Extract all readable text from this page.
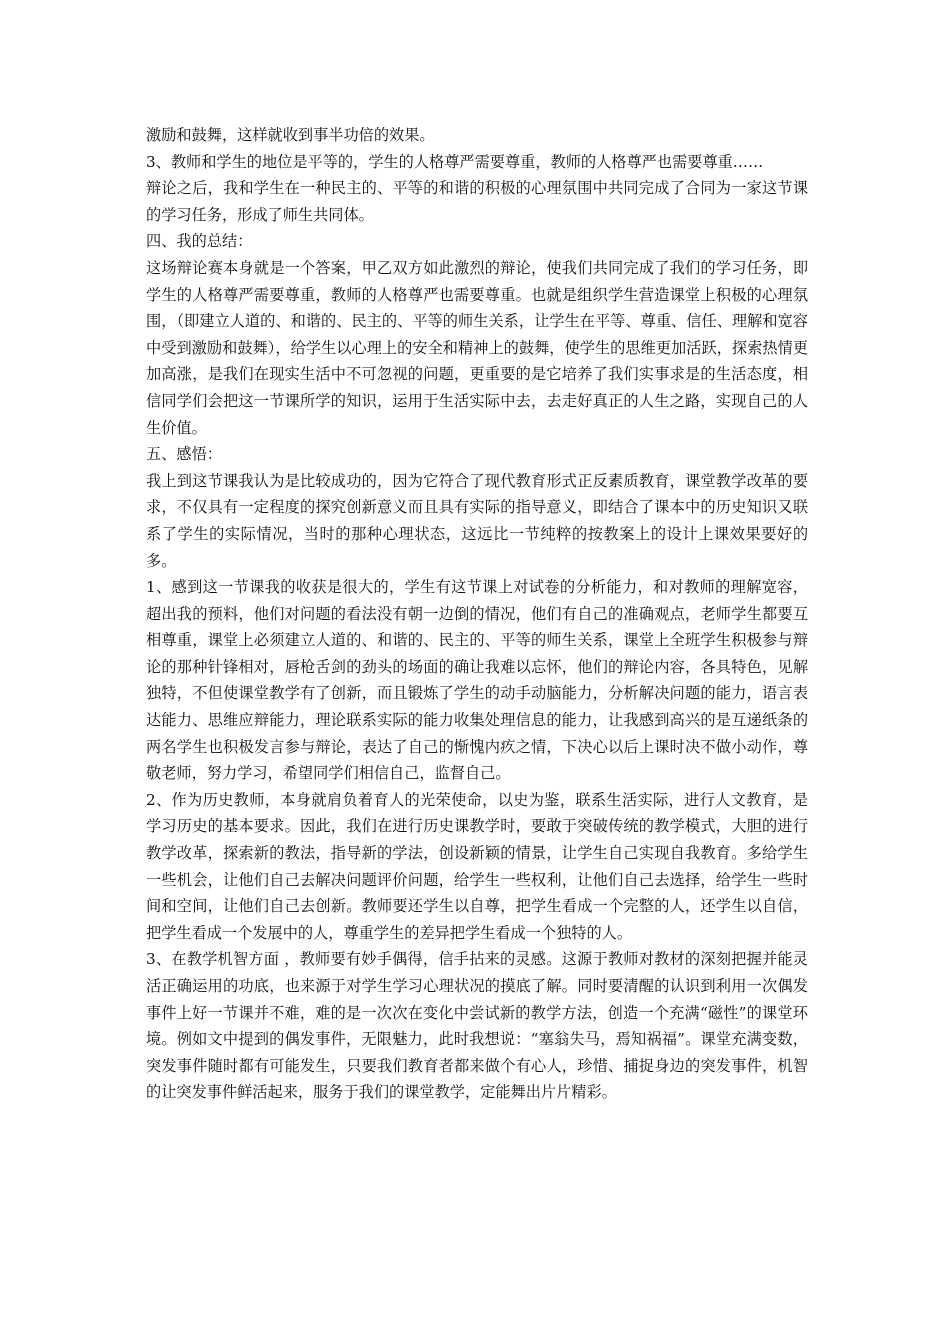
激励和鼓舞，这样就收到事半功倍的效果。

3、教师和学生的地位是平等的，学生的人格尊严需要尊重，教师的人格尊严也需要尊重……

辩论之后，我和学生在一种民主的、平等的和谐的积极的心理氛围中共同完成了合同为一家这节课的学习任务，形成了师生共同体。

四、我的总结：

这场辩论赛本身就是一个答案，甲乙双方如此激烈的辩论，使我们共同完成了我们的学习任务，即学生的人格尊严需要尊重，教师的人格尊严也需要尊重。也就是组织学生营造课堂上积极的心理氛围，（即建立人道的、和谐的、民主的、平等的师生关系，让学生在平等、尊重、信任、理解和宽容中受到激励和鼓舞），给学生以心理上的安全和精神上的鼓舞，使学生的思维更加活跃，探索热情更加高涨，是我们在现实生活中不可忽视的问题，更重要的是它培养了我们实事求是的生活态度，相信同学们会把这一节课所学的知识，运用于生活实际中去，去走好真正的人生之路，实现自己的人生价值。

五、感悟：

我上到这节课我认为是比较成功的，因为它符合了现代教育形式正反素质教育，课堂教学改革的要求，不仅具有一定程度的探究创新意义而且具有实际的指导意义，即结合了课本中的历史知识又联系了学生的实际情况，当时的那种心理状态，这远比一节纯粹的按教案上的设计上课效果要好的多。

1、感到这一节课我的收获是很大的，学生有这节课上对试卷的分析能力，和对教师的理解宽容，超出我的预料，他们对问题的看法没有朝一边倒的情况，他们有自己的准确观点，老师学生都要互相尊重，课堂上必须建立人道的、和谐的、民主的、平等的师生关系，课堂上全班学生积极参与辩论的那种针锋相对，唇枪舌剑的劲头的场面的确让我难以忘怀，他们的辩论内容，各具特色，见解独特，不但使课堂教学有了创新，而且锻炼了学生的动手动脑能力，分析解决问题的能力，语言表达能力、思维应辩能力，理论联系实际的能力收集处理信息的能力，让我感到高兴的是互递纸条的两名学生也积极发言参与辩论，表达了自己的惭愧内疚之情，下决心以后上课时决不做小动作，尊敬老师，努力学习，希望同学们相信自己，监督自己。

2、作为历史教师，本身就肩负着育人的光荣使命，以史为鉴，联系生活实际，进行人文教育，是学习历史的基本要求。因此，我们在进行历史课教学时，要敢于突破传统的教学模式，大胆的进行教学改革，探索新的教法，指导新的学法，创设新颖的情景，让学生自己实现自我教育。多给学生一些机会，让他们自己去解决问题评价问题，给学生一些权利，让他们自己去选择，给学生一些时间和空间，让他们自己去创新。教师要还学生以自尊，把学生看成一个完整的人，还学生以自信，把学生看成一个发展中的人，尊重学生的差异把学生看成一个独特的人。

3、在教学机智方面 ，教师要有妙手偶得，信手拈来的灵感。这源于教师对教材的深刻把握并能灵活正确运用的功底，也来源于对学生学习心理状况的摸底了解。同时要清醒的认识到利用一次偶发事件上好一节课并不难，难的是一次次在变化中尝试新的教学方法，创造一个充满“磁性”的课堂环境。例如文中提到的偶发事件，无限魅力，此时我想说：“塞翁失马，焉知祸福”。课堂充满变数，突发事件随时都有可能发生，只要我们教育者都来做个有心人，珍惜、捕捉身边的突发事件，机智的让突发事件鲜活起来，服务于我们的课堂教学，定能舞出片片精彩。
